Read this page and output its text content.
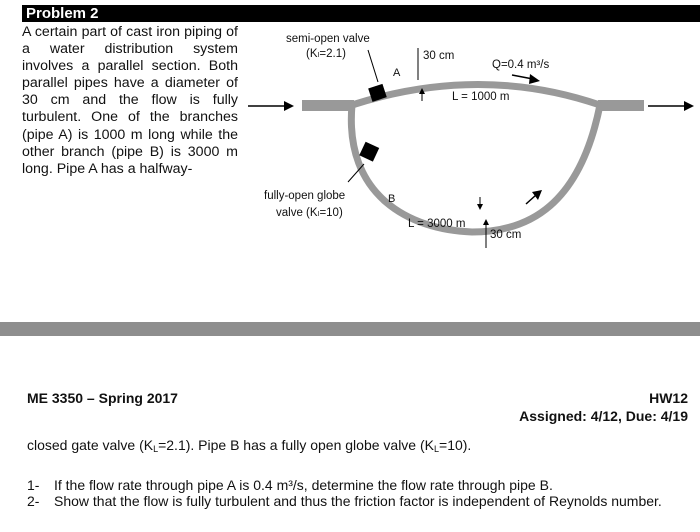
Problem 2
A certain part of cast iron piping of a water distribution system involves a parallel section. Both parallel pipes have a diameter of 30 cm and the flow is fully turbulent. One of the branches (pipe A) is 1000 m long while the other branch (pipe B) is 3000 m long. Pipe A has a halfway-
semi-open valve
(Kₗ=2.1)
A
30 cm
L = 1000 m
Q=0.4 m³/s
fully-open globe
valve (Kₗ=10)
B
L = 3000 m
30 cm
ME 3350 – Spring 2017	HW12
Assigned: 4/12, Due: 4/19
closed gate valve $(K_L=2.1)$. Pipe B has a fully open globe valve $(K_L=10)$.
1- If the flow rate through pipe A is 0.4 m³/s, determine the flow rate through pipe B.
2- Show that the flow is fully turbulent and thus the friction factor is independent of Reynolds number.
